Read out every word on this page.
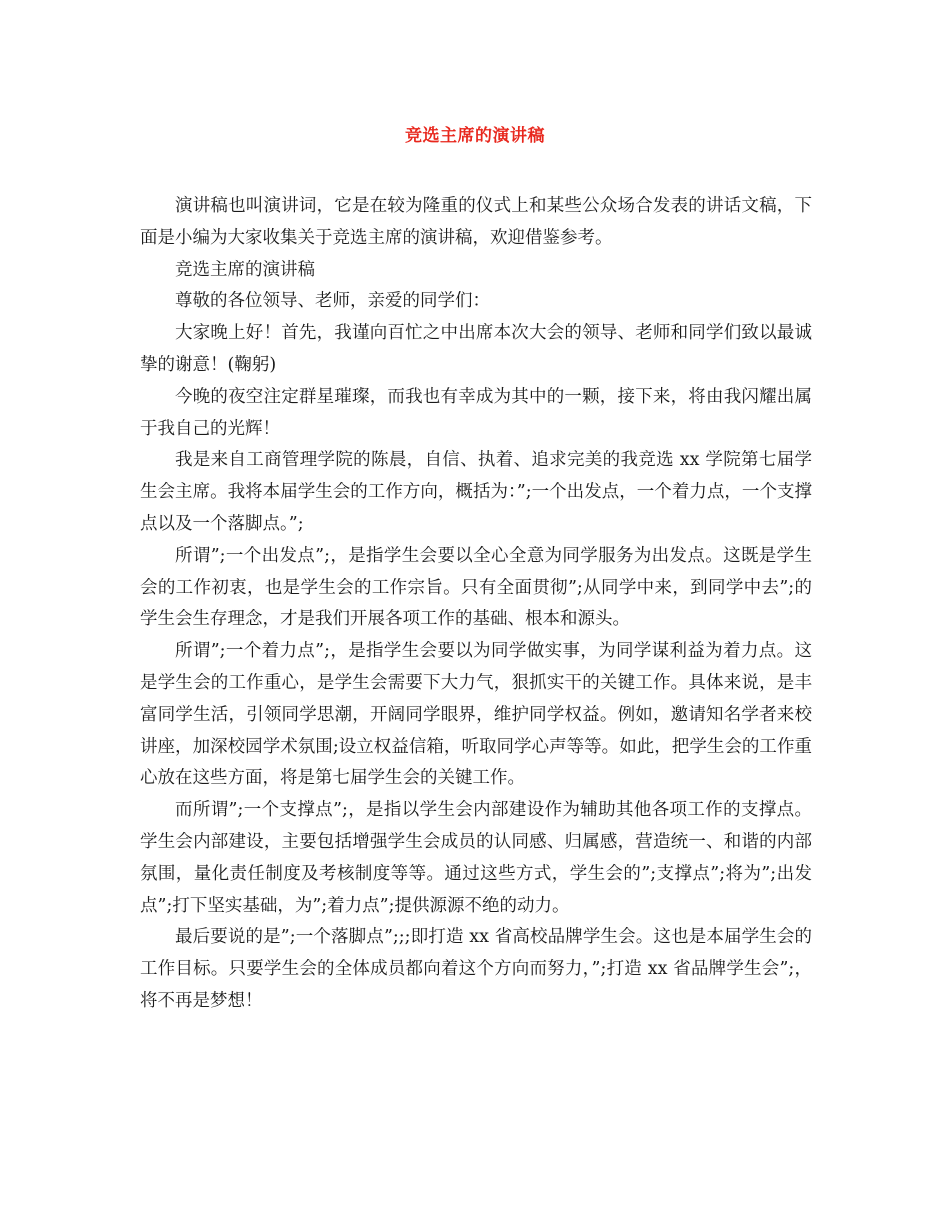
竞选主席的演讲稿

演讲稿也叫演讲词，它是在较为隆重的仪式上和某些公众场合发表的讲话文稿，下面是小编为大家收集关于竞选主席的演讲稿，欢迎借鉴参考。

竞选主席的演讲稿

尊敬的各位领导、老师，亲爱的同学们：

大家晚上好！首先，我谨向百忙之中出席本次大会的领导、老师和同学们致以最诚挚的谢意！(鞠躬)

今晚的夜空注定群星璀璨，而我也有幸成为其中的一颗，接下来，将由我闪耀出属于我自己的光辉！

我是来自工商管理学院的陈晨，自信、执着、追求完美的我竞选 xx 学院第七届学生会主席。我将本届学生会的工作方向，概括为：”;一个出发点，一个着力点，一个支撑点以及一个落脚点。”;

所谓”;一个出发点”;，是指学生会要以全心全意为同学服务为出发点。这既是学生会的工作初衷，也是学生会的工作宗旨。只有全面贯彻”;从同学中来，到同学中去”;的学生会生存理念，才是我们开展各项工作的基础、根本和源头。

所谓”;一个着力点”;，是指学生会要以为同学做实事，为同学谋利益为着力点。这是学生会的工作重心，是学生会需要下大力气，狠抓实干的关键工作。具体来说，是丰富同学生活，引领同学思潮，开阔同学眼界，维护同学权益。例如，邀请知名学者来校讲座，加深校园学术氛围;设立权益信箱，听取同学心声等等。如此，把学生会的工作重心放在这些方面，将是第七届学生会的关键工作。

而所谓”;一个支撑点”;，是指以学生会内部建设作为辅助其他各项工作的支撑点。学生会内部建设，主要包括增强学生会成员的认同感、归属感，营造统一、和谐的内部氛围，量化责任制度及考核制度等等。通过这些方式，学生会的”;支撑点”;将为”;出发点”;打下坚实基础，为”;着力点”;提供源源不绝的动力。

最后要说的是”;一个落脚点”;;;即打造 xx 省高校品牌学生会。这也是本届学生会的工作目标。只要学生会的全体成员都向着这个方向而努力，”;打造 xx 省品牌学生会”;，将不再是梦想！
